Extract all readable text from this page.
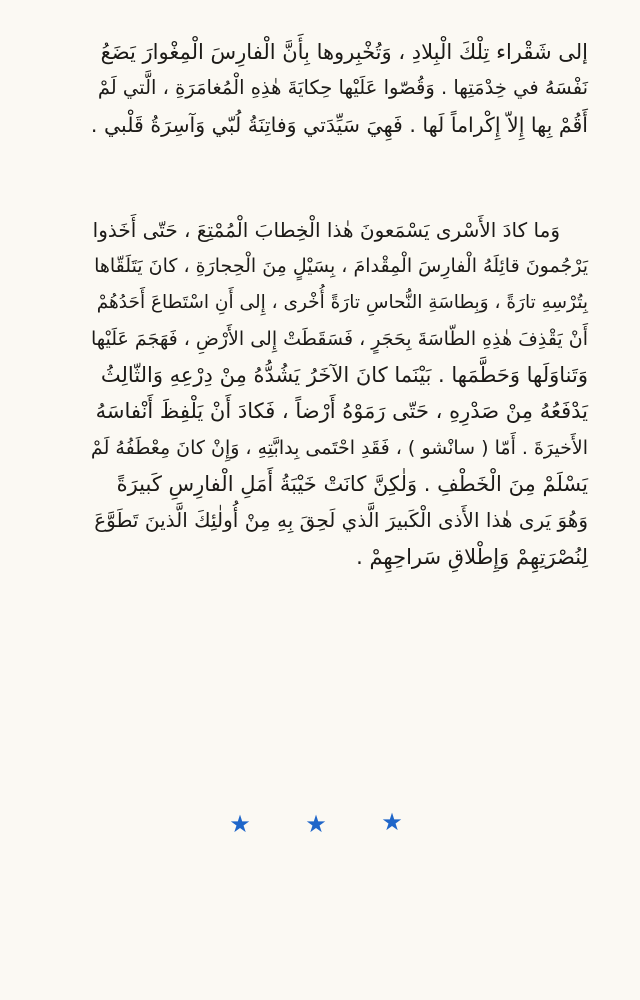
إلى شَقْراء تِلْكَ الْبِلادِ ، وَتُخْبِروها بِأَنَّ الْفارِسَ الْمِغْوارَ يَضَعُ
نَفْسَهُ في خِدْمَتِها . وَقُصّوا عَلَيْها حِكايَةَ هٰذِهِ الْمُغامَرَةِ ، الَّتي لَمْ
أَقُمْ بِها إِلاّ إِكْراماً لَها . فَهِيَ سَيِّدَتي وَفاتِنَةُ لُبّي وَآسِرَةُ قَلْبي .
وَما كادَ الأَسْرى يَسْمَعونَ هٰذا الْخِطابَ الْمُمْتِعَ ، حَتّى أَخَذوا
يَرْجُمونَ قائِلَهُ الْفارِسَ الْمِقْدامَ ، بِسَيْلٍ مِنَ الْحِجارَةِ ، كانَ يَتَلَقّاها
بِتُرْسِهِ تارَةً ، وَبِطاسَةِ النُّحاسِ تارَةً أُخْرى ، إِلى أَنِ اسْتَطاعَ أَحَدُهُمْ
أَنْ يَقْذِفَ هٰذِهِ الطّاسَةَ بِحَجَرٍ ، فَسَقَطَتْ إِلى الأَرْضِ ، فَهَجَمَ عَلَيْها
وَتَناوَلَها وَحَطَّمَها . بَيْنَما كانَ الآخَرُ يَشُدُّهُ مِنْ دِرْعِهِ وَالثّالِثُ
يَدْفَعُهُ مِنْ صَدْرِهِ ، حَتّى رَمَوْهُ أَرْضاً ، فَكادَ أَنْ يَلْفِظَ أَنْفاسَهُ
الأَخيرَةَ . أَمّا ( سانْشو ) ، فَقَدِ احْتَمى بِدابَّتِهِ ، وَإِنْ كانَ مِعْطَفُهُ لَمْ
يَسْلَمْ مِنَ الْخَطْفِ . وَلٰكِنَّ كانَتْ خَيْبَةُ أَمَلِ الْفارِسِ كَبيرَةً
وَهُوَ يَرى هٰذا الأَذى الْكَبيرَ الَّذي لَحِقَ بِهِ مِنْ أُولٰئِكَ الَّذينَ تَطَوَّعَ
لِنُصْرَتِهِمْ وَإِطْلاقِ سَراحِهِمْ .
★ ★ ★
